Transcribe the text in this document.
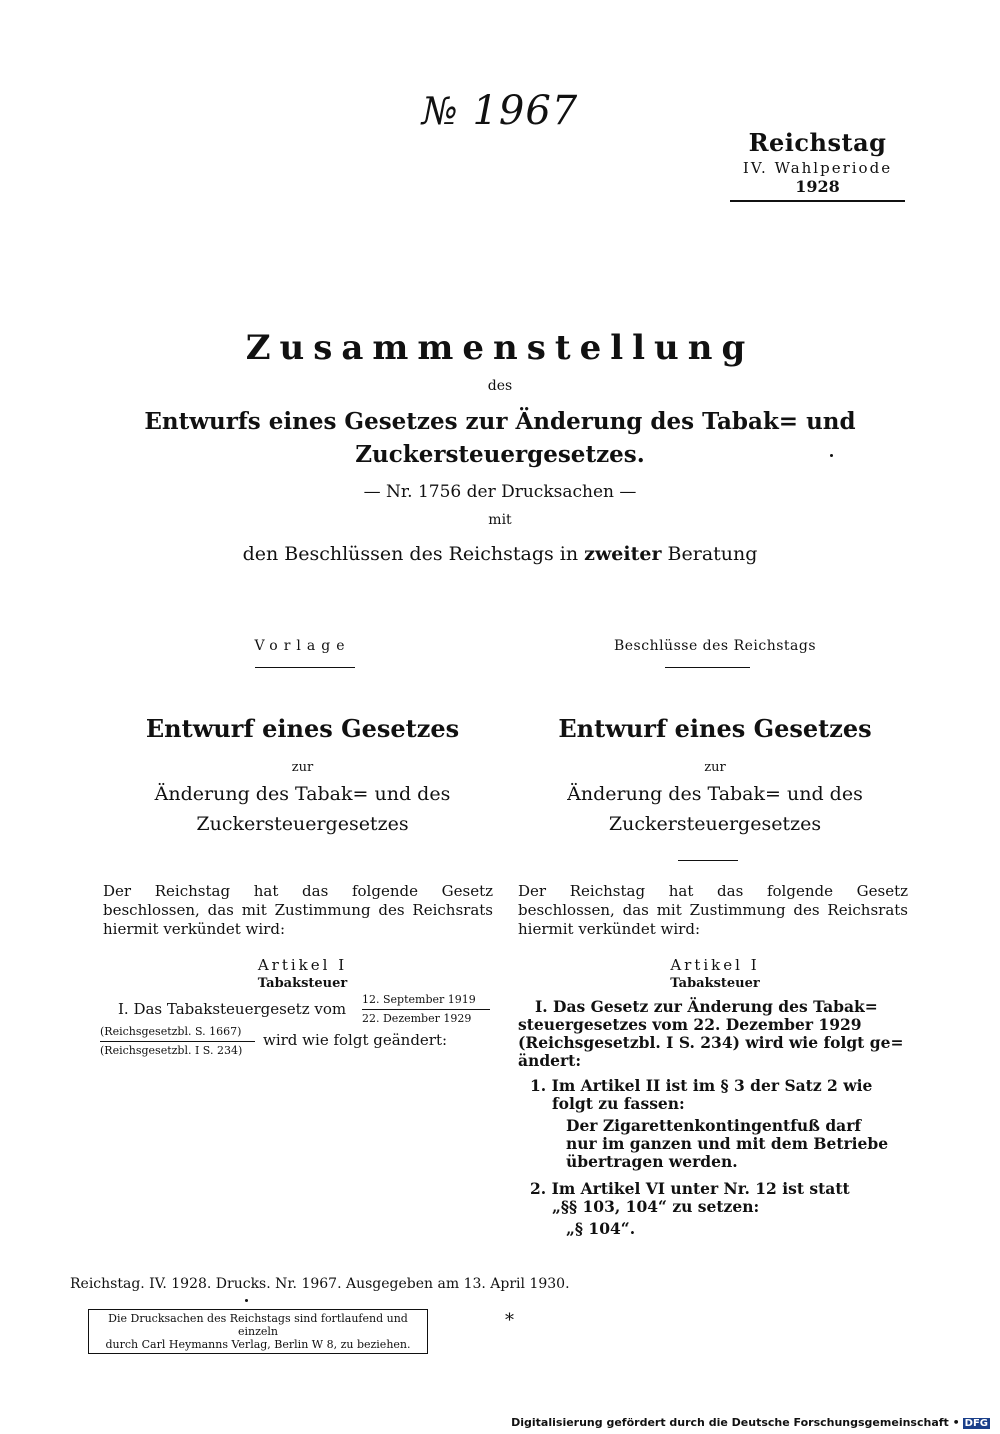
№ 1967
Reichstag
IV. Wahlperiode
1928
Zusammenstellung
des
Entwurfs eines Gesetzes zur Änderung des Tabak= und
Zuckersteuergesetzes.
— Nr. 1756 der Drucksachen —
mit
den Beschlüssen des Reichstags in zweiter Beratung
Vorlage
Entwurf eines Gesetzes
zur
Änderung des Tabak= und des
Zuckersteuergesetzes
Der Reichstag hat das folgende Gesetz beschlossen, das mit Zustimmung des Reichsrats hiermit verkündet wird:
Artikel I
Tabaksteuer
I. Das Tabaksteuergesetz vom
12. September 1919
22. Dezember 1929
(Reichsgesetzbl. S. 1667)
(Reichsgesetzbl. I S. 234)
wird wie folgt geändert:
Beschlüsse des Reichstags
Entwurf eines Gesetzes
zur
Änderung des Tabak= und des
Zuckersteuergesetzes
Der Reichstag hat das folgende Gesetz beschlossen, das mit Zustimmung des Reichsrats hiermit verkündet wird:
Artikel I
Tabaksteuer
I. Das Gesetz zur Änderung des Tabak=
steuergesetzes vom 22. Dezember 1929
(Reichsgesetzbl. I S. 234) wird wie folgt ge=
ändert:
1. Im Artikel II ist im § 3 der Satz 2 wie
folgt zu fassen:
Der Zigarettenkontingentfuß darf
nur im ganzen und mit dem Betriebe
übertragen werden.
2. Im Artikel VI unter Nr. 12 ist statt
„§§ 103, 104“ zu setzen:
„§ 104“.
Reichstag. IV. 1928. Drucks. Nr. 1967. Ausgegeben am 13. April 1930.
Die Drucksachen des Reichstags sind fortlaufend und einzeln
durch Carl Heymanns Verlag, Berlin W 8, zu beziehen.
*
Digitalisierung gefördert durch die Deutsche Forschungsgemeinschaft • DFG
